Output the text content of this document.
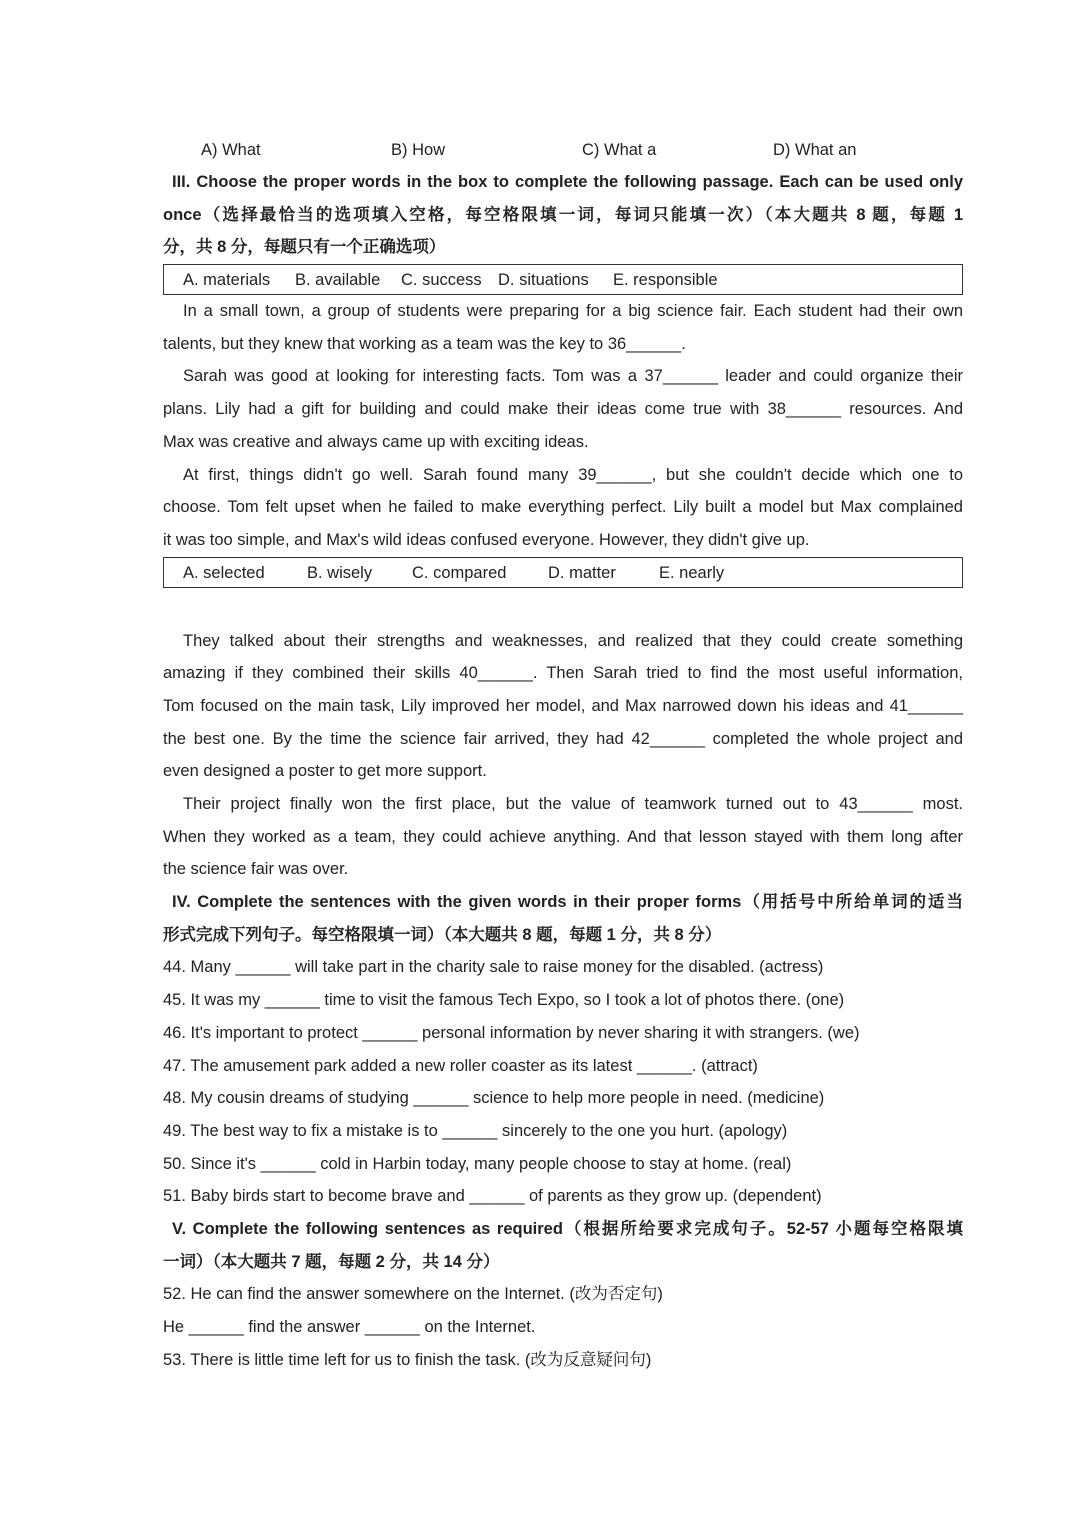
A) What	B) How	C) What a	D) What an
III. Choose the proper words in the box to complete the following passage. Each can be used only
once（选择最恰当的选项填入空格，每空格限填一词，每词只能填一次）（本大题共 8 题，每题 1
分，共 8 分，每题只有一个正确选项）
A. materials B. available C. success D. situations E. responsible
In a small town, a group of students were preparing for a big science fair. Each student had their own
talents, but they knew that working as a team was the key to 36______.
Sarah was good at looking for interesting facts. Tom was a 37______ leader and could organize their
plans. Lily had a gift for building and could make their ideas come true with 38______ resources. And
Max was creative and always came up with exciting ideas.
At first, things didn't go well. Sarah found many 39______, but she couldn't decide which one to
choose. Tom felt upset when he failed to make everything perfect. Lily built a model but Max complained
it was too simple, and Max's wild ideas confused everyone. However, they didn't give up.
A. selected	B. wisely C. compared	D. matter	E. nearly
They talked about their strengths and weaknesses, and realized that they could create something
amazing if they combined their skills 40______. Then Sarah tried to find the most useful information,
Tom focused on the main task, Lily improved her model, and Max narrowed down his ideas and 41______
the best one. By the time the science fair arrived, they had 42______ completed the whole project and
even designed a poster to get more support.
Their project finally won the first place, but the value of teamwork turned out to 43______ most.
When they worked as a team, they could achieve anything. And that lesson stayed with them long after
the science fair was over.
IV. Complete the sentences with the given words in their proper forms（用括号中所给单词的适当
形式完成下列句子。每空格限填一词）（本大题共 8 题，每题 1 分，共 8 分）
44. Many ______ will take part in the charity sale to raise money for the disabled. (actress)
45. It was my ______ time to visit the famous Tech Expo, so I took a lot of photos there. (one)
46. It's important to protect ______ personal information by never sharing it with strangers. (we)
47. The amusement park added a new roller coaster as its latest ______. (attract)
48. My cousin dreams of studying ______ science to help more people in need. (medicine)
49. The best way to fix a mistake is to ______ sincerely to the one you hurt. (apology)
50. Since it's ______ cold in Harbin today, many people choose to stay at home. (real)
51. Baby birds start to become brave and ______ of parents as they grow up. (dependent)
V. Complete the following sentences as required（根据所给要求完成句子。52-57 小题每空格限填
一词）（本大题共 7 题，每题 2 分，共 14 分）
52. He can find the answer somewhere on the Internet. (改为否定句)
He ______ find the answer ______ on the Internet.
53. There is little time left for us to finish the task. (改为反意疑问句)
